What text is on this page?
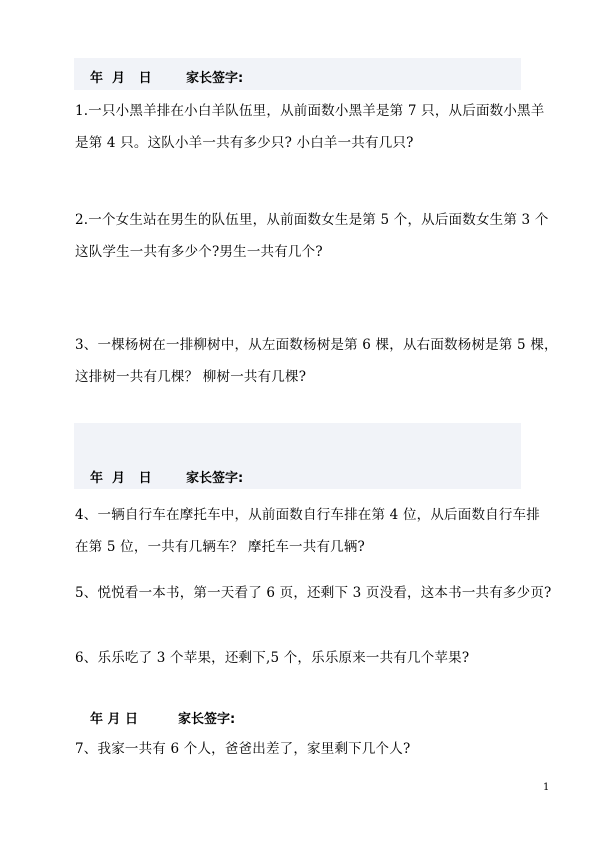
年  月   日	家长签字:
1.一只小黑羊排在小白羊队伍里，从前面数小黑羊是第 7 只，从后面数小黑羊
是第 4 只。这队小羊一共有多少只? 小白羊一共有几只?
2.一个女生站在男生的队伍里，从前面数女生是第 5 个，从后面数女生第 3 个
这队学生一共有多少个?男生一共有几个?
3、一棵杨树在一排柳树中，从左面数杨树是第 6 棵，从右面数杨树是第 5 棵，
这排树一共有几棵？ 柳树一共有几棵?
年  月   日	家长签字:
4、一辆自行车在摩托车中，从前面数自行车排在第 4 位，从后面数自行车排
在第 5 位，一共有几辆车？ 摩托车一共有几辆?
5、悦悦看一本书，第一天看了 6 页，还剩下 3 页没看，这本书一共有多少页?
6、乐乐吃了 3 个苹果，还剩下,5 个，乐乐原来一共有几个苹果?
年 月 日	家长签字:
7、我家一共有 6 个人，爸爸出差了，家里剩下几个人?
1
